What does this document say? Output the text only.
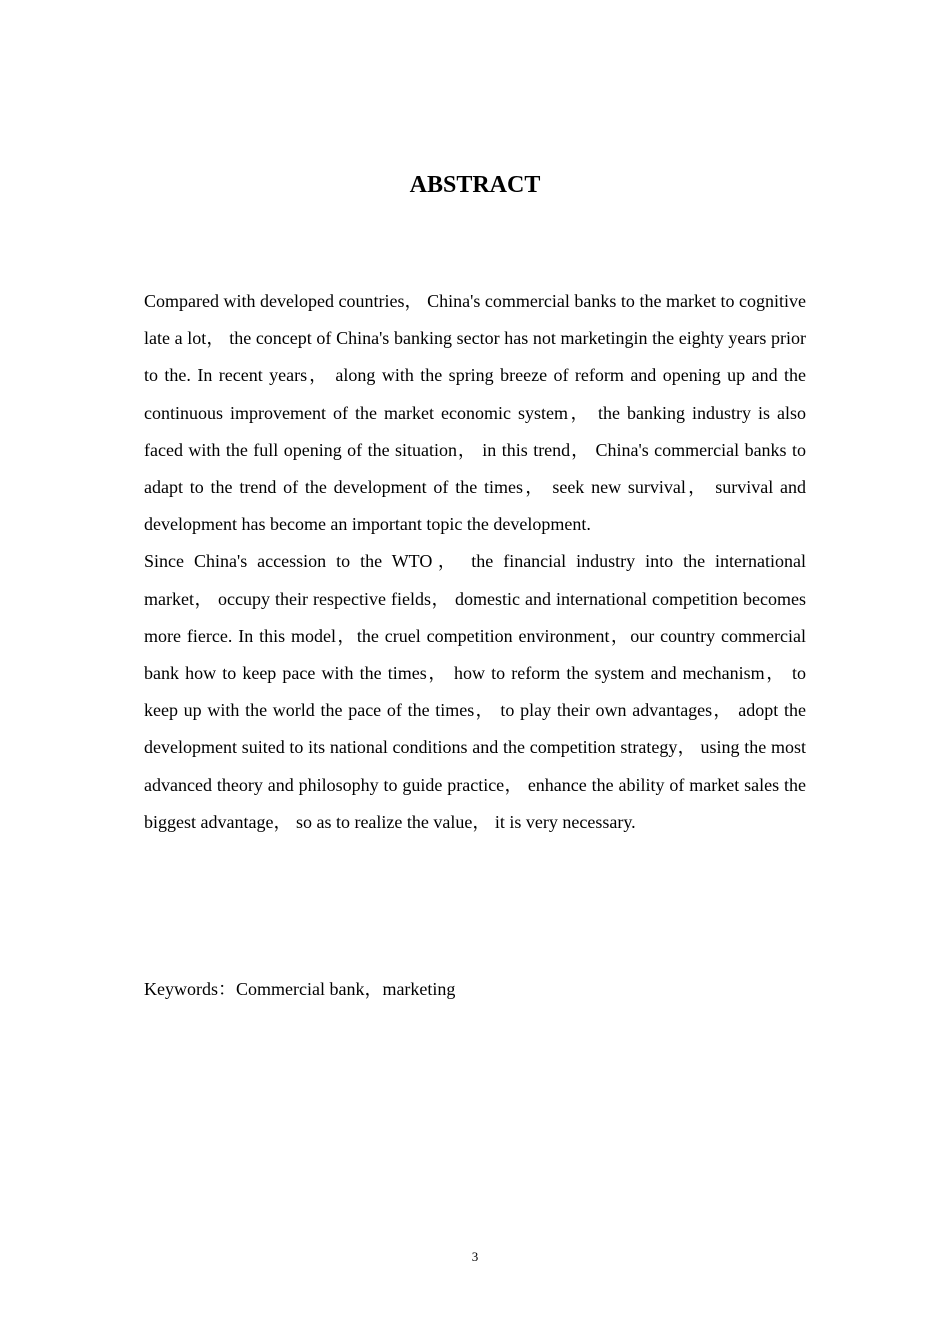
ABSTRACT

Compared with developed countries， China's commercial banks to the market to cognitive late a lot， the concept of China's banking sector has not marketingin the eighty years prior to the. In recent years， along with the spring breeze of reform and opening up and the continuous improvement of the market economic system， the banking industry is also faced with the full opening of the situation， in this trend， China's commercial banks to adapt to the trend of the development of the times， seek new survival， survival and development has become an important topic the development.

Since China's accession to the WTO， the financial industry into the international market， occupy their respective fields， domestic and international competition becomes more fierce. In this model，the cruel competition environment，our country commercial bank how to keep pace with the times， how to reform the system and mechanism， to keep up with the world the pace of the times， to play their own advantages， adopt the development suited to its national conditions and the competition strategy， using the most advanced theory and philosophy to guide practice， enhance the ability of market sales the biggest advantage， so as to realize the value， it is very necessary.

Keywords：Commercial bank，marketing

3
